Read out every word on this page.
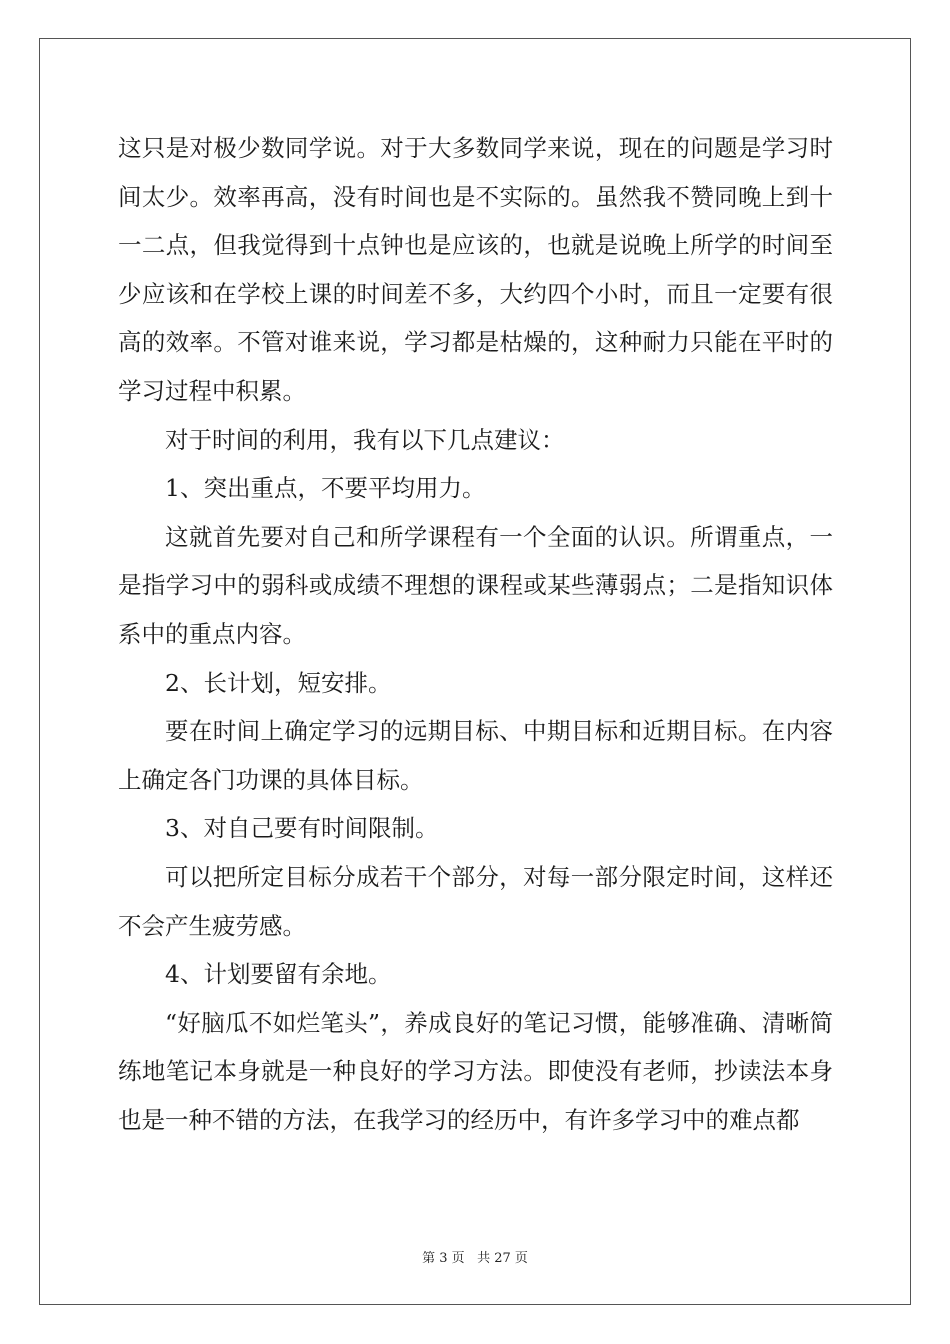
这只是对极少数同学说。对于大多数同学来说，现在的问题是学习时间太少。效率再高，没有时间也是不实际的。虽然我不赞同晚上到十一二点，但我觉得到十点钟也是应该的，也就是说晚上所学的时间至少应该和在学校上课的时间差不多，大约四个小时，而且一定要有很高的效率。不管对谁来说，学习都是枯燥的，这种耐力只能在平时的学习过程中积累。

对于时间的利用，我有以下几点建议：

1、突出重点，不要平均用力。

这就首先要对自己和所学课程有一个全面的认识。所谓重点，一是指学习中的弱科或成绩不理想的课程或某些薄弱点；二是指知识体系中的重点内容。

2、长计划，短安排。

要在时间上确定学习的远期目标、中期目标和近期目标。在内容上确定各门功课的具体目标。

3、对自己要有时间限制。

可以把所定目标分成若干个部分，对每一部分限定时间，这样还不会产生疲劳感。

4、计划要留有余地。

“好脑瓜不如烂笔头”，养成良好的笔记习惯，能够准确、清晰简练地笔记本身就是一种良好的学习方法。即使没有老师，抄读法本身也是一种不错的方法，在我学习的经历中，有许多学习中的难点都

第 3 页 共 27 页
